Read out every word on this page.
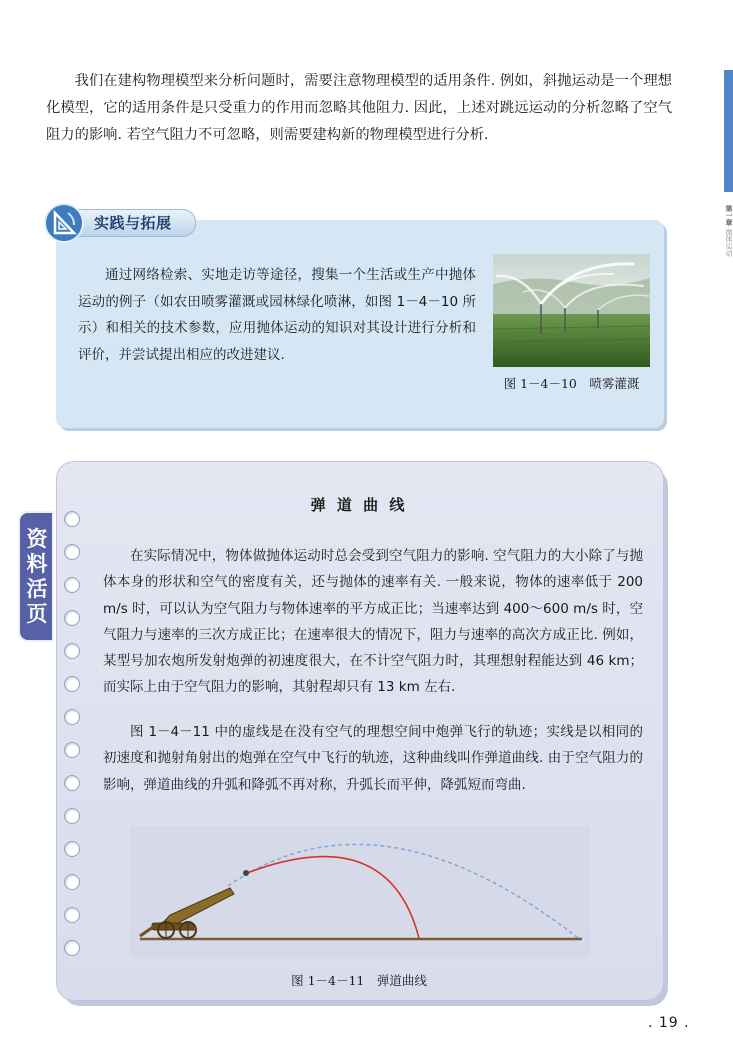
我们在建构物理模型来分析问题时，需要注意物理模型的适用条件. 例如，斜抛运动是一个理想化模型，它的适用条件是只受重力的作用而忽略其他阻力. 因此，上述对跳远运动的分析忽略了空气阻力的影响. 若空气阻力不可忽略，则需要建构新的物理模型进行分析.

第一章 抛体运动
实践与拓展

通过网络检索、实地走访等途径，搜集一个生活或生产中抛体运动的例子（如农田喷雾灌溉或园林绿化喷淋，如图 1－4－10 所示）和相关的技术参数，应用抛体运动的知识对其设计进行分析和评价，并尝试提出相应的改进建议.

图 1－4－10　喷雾灌溉
资料活页
弹 道 曲 线

在实际情况中，物体做抛体运动时总会受到空气阻力的影响. 空气阻力的大小除了与抛体本身的形状和空气的密度有关，还与抛体的速率有关. 一般来说，物体的速率低于 200 m/s 时，可以认为空气阻力与物体速率的平方成正比；当速率达到 400～600 m/s 时，空气阻力与速率的三次方成正比；在速率很大的情况下，阻力与速率的高次方成正比. 例如，某型号加农炮所发射炮弹的初速度很大，在不计空气阻力时，其理想射程能达到 46 km；而实际上由于空气阻力的影响，其射程却只有 13 km 左右.

图 1－4－11 中的虚线是在没有空气的理想空间中炮弹飞行的轨迹；实线是以相同的初速度和抛射角射出的炮弹在空气中飞行的轨迹，这种曲线叫作弹道曲线. 由于空气阻力的影响，弹道曲线的升弧和降弧不再对称，升弧长而平伸，降弧短而弯曲.

图 1－4－11　弹道曲线
. 19 .
